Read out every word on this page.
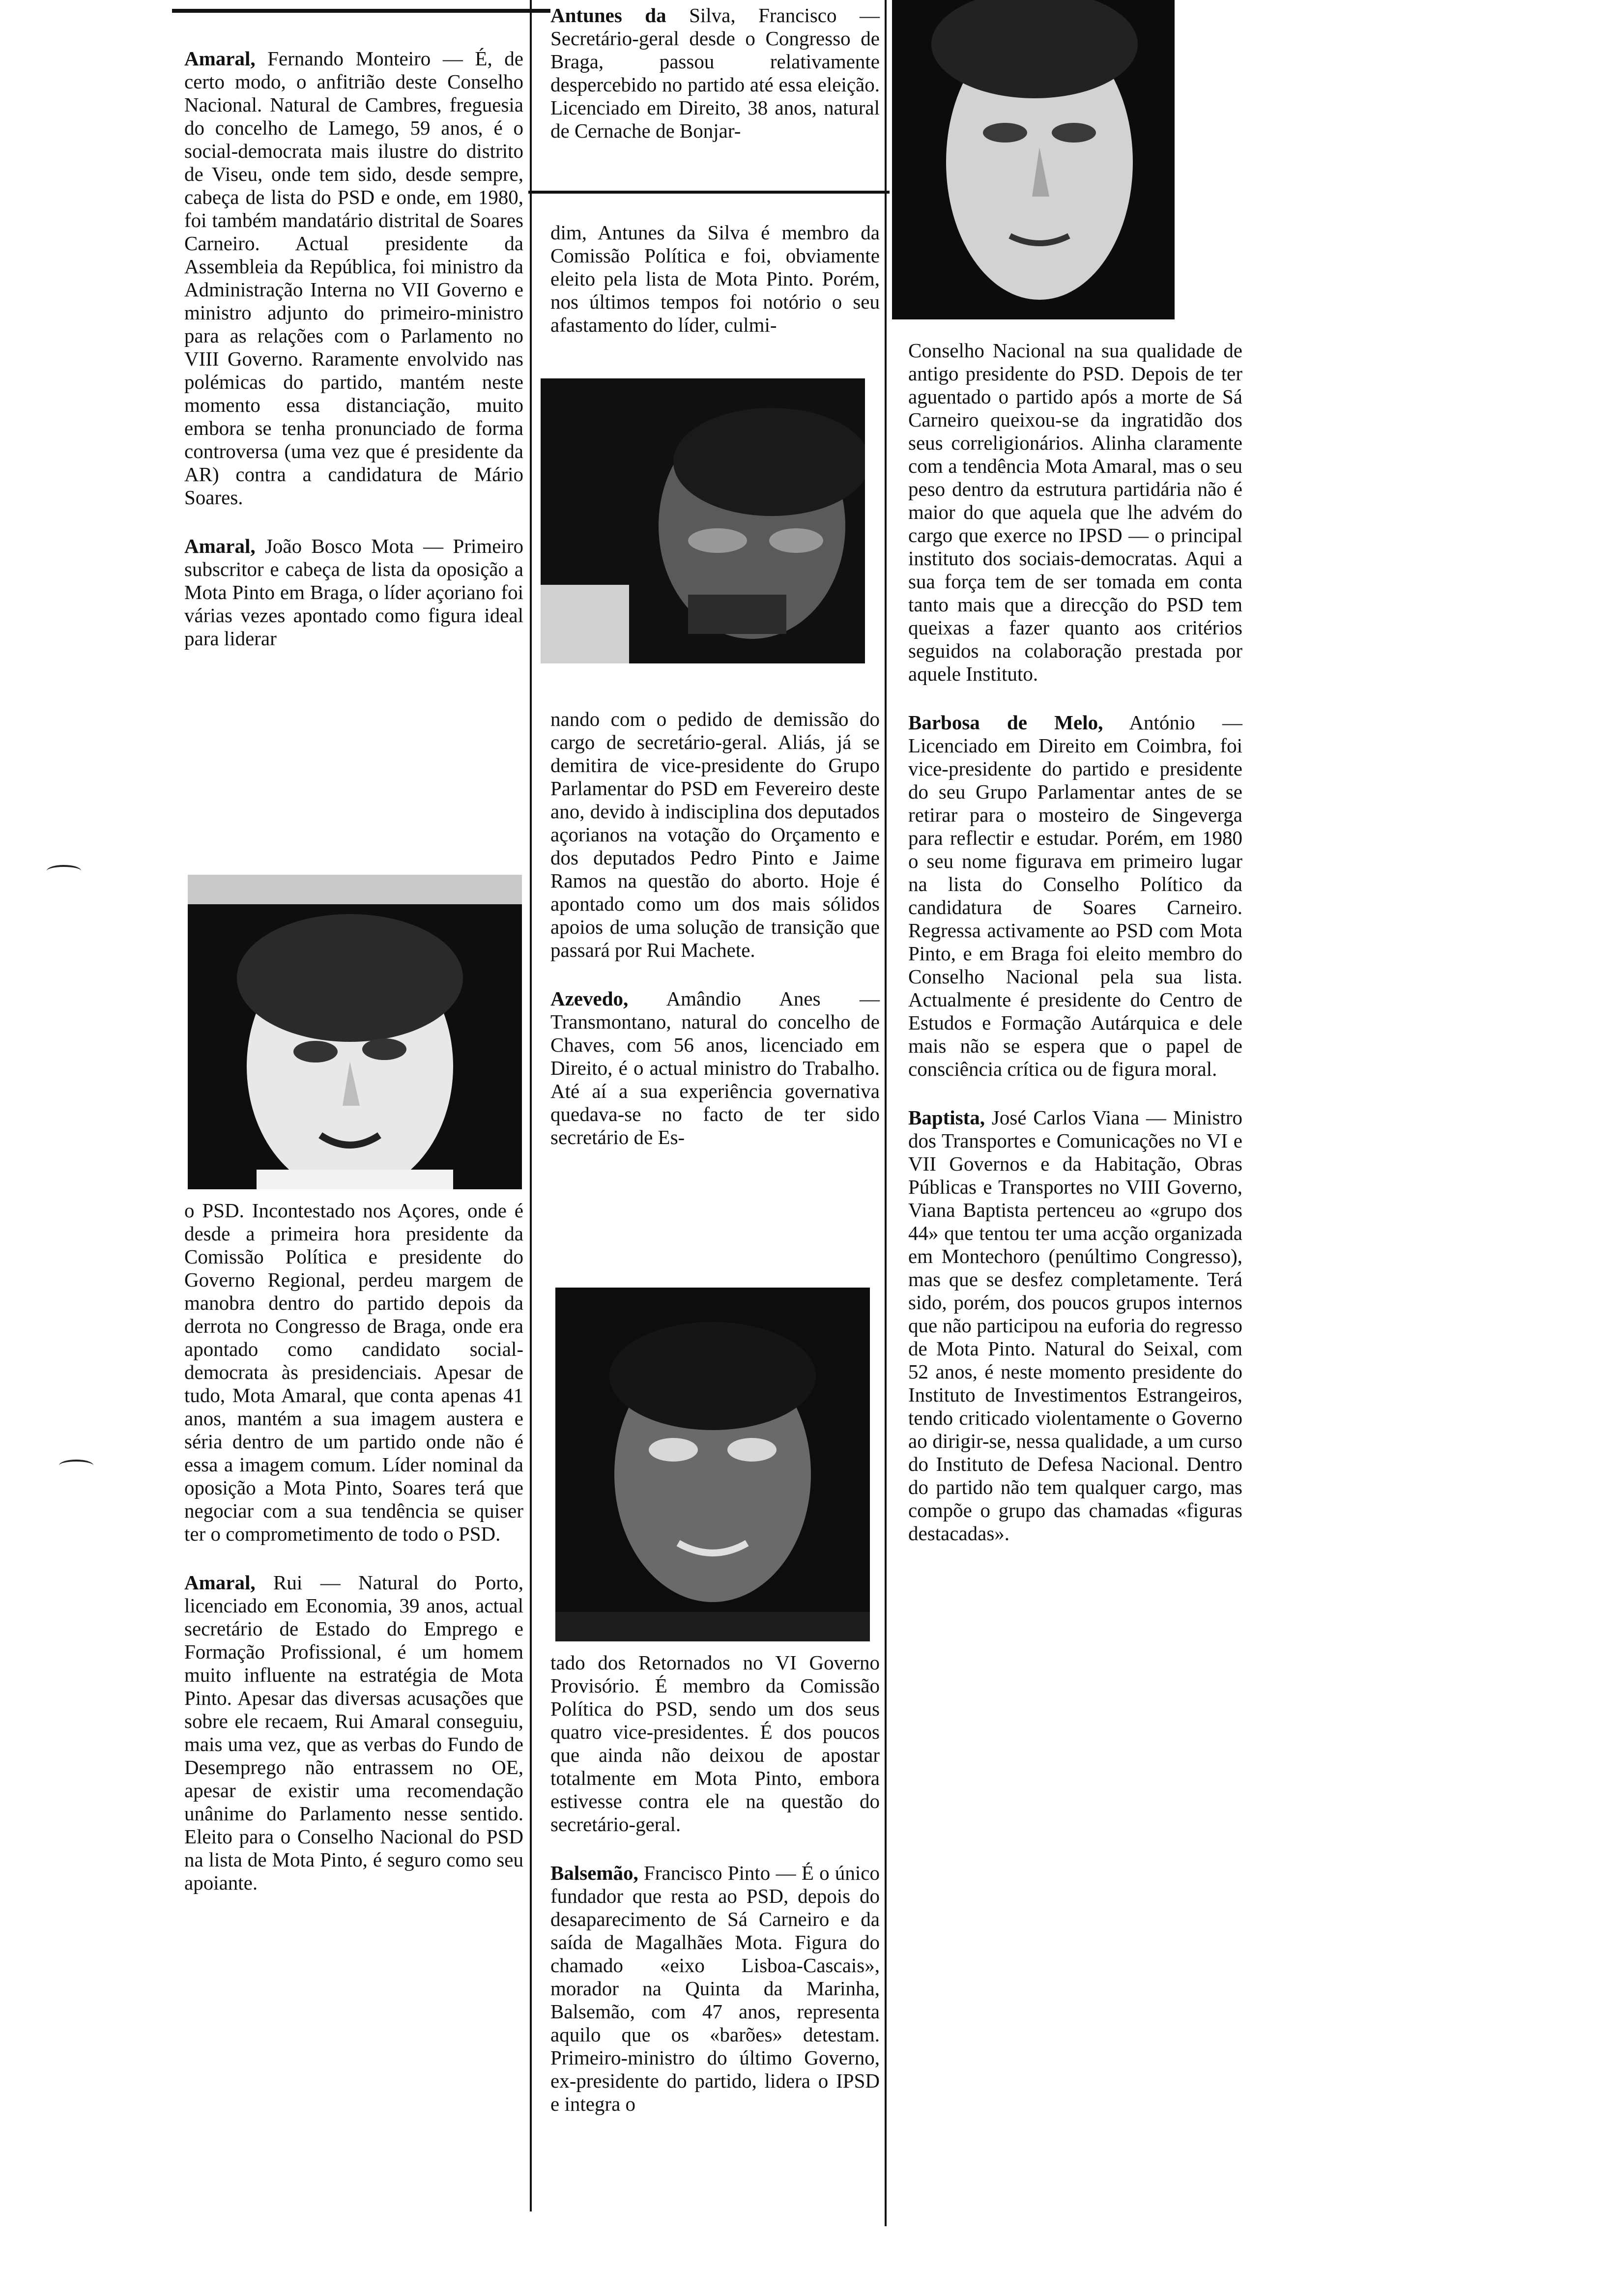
Amaral, Fernando Monteiro — É, de certo modo, o anfitrião deste Conselho Nacional. Natural de Cambres, freguesia do concelho de Lamego, 59 anos, é o social-democrata mais ilustre do distrito de Viseu, onde tem sido, desde sempre, cabeça de lista do PSD e onde, em 1980, foi também mandatário distrital de Soares Carneiro. Actual presidente da Assembleia da República, foi ministro da Administração Interna no VII Governo e ministro adjunto do primeiro-ministro para as relações com o Parlamento no VIII Governo. Raramente envolvido nas polémicas do partido, mantém neste momento essa distanciação, muito embora se tenha pronunciado de forma controversa (uma vez que é presidente da AR) contra a candidatura de Mário Soares.

Amaral, João Bosco Mota — Primeiro subscritor e cabeça de lista da oposição a Mota Pinto em Braga, o líder açoriano foi várias vezes apontado como figura ideal para liderar

o PSD. Incontestado nos Açores, onde é desde a primeira hora presidente da Comissão Política e presidente do Governo Regional, perdeu margem de manobra dentro do partido depois da derrota no Congresso de Braga, onde era apontado como candidato social-democrata às presidenciais. Apesar de tudo, Mota Amaral, que conta apenas 41 anos, mantém a sua imagem austera e séria dentro de um partido onde não é essa a imagem comum. Líder nominal da oposição a Mota Pinto, Soares terá que negociar com a sua tendência se quiser ter o comprometimento de todo o PSD.

Amaral, Rui — Natural do Porto, licenciado em Economia, 39 anos, actual secretário de Estado do Emprego e Formação Profissional, é um homem muito influente na estratégia de Mota Pinto. Apesar das diversas acusações que sobre ele recaem, Rui Amaral conseguiu, mais uma vez, que as verbas do Fundo de Desemprego não entrassem no OE, apesar de existir uma recomendação unânime do Parlamento nesse sentido. Eleito para o Conselho Nacional do PSD na lista de Mota Pinto, é seguro como seu apoiante.

Antunes da Silva, Francisco — Secretário-geral desde o Congresso de Braga, passou relativamente despercebido no partido até essa eleição. Licenciado em Direito, 38 anos, natural de Cernache de Bonjar-

dim, Antunes da Silva é membro da Comissão Política e foi, obviamente eleito pela lista de Mota Pinto. Porém, nos últimos tempos foi notório o seu afastamento do líder, culmi-

nando com o pedido de demissão do cargo de secretário-geral. Aliás, já se demitira de vice-presidente do Grupo Parlamentar do PSD em Fevereiro deste ano, devido à indisciplina dos deputados açorianos na votação do Orçamento e dos deputados Pedro Pinto e Jaime Ramos na questão do aborto. Hoje é apontado como um dos mais sólidos apoios de uma solução de transição que passará por Rui Machete.

Azevedo, Amândio Anes — Transmontano, natural do concelho de Chaves, com 56 anos, licenciado em Direito, é o actual ministro do Trabalho. Até aí a sua experiência governativa quedava-se no facto de ter sido secretário de Es-

tado dos Retornados no VI Governo Provisório. É membro da Comissão Política do PSD, sendo um dos seus quatro vice-presidentes. É dos poucos que ainda não deixou de apostar totalmente em Mota Pinto, embora estivesse contra ele na questão do secretário-geral.

Balsemão, Francisco Pinto — É o único fundador que resta ao PSD, depois do desaparecimento de Sá Carneiro e da saída de Magalhães Mota. Figura do chamado «eixo Lisboa-Cascais», morador na Quinta da Marinha, Balsemão, com 47 anos, representa aquilo que os «barões» detestam. Primeiro-ministro do último Governo, ex-presidente do partido, lidera o IPSD e integra o

Conselho Nacional na sua qualidade de antigo presidente do PSD. Depois de ter aguentado o partido após a morte de Sá Carneiro queixou-se da ingratidão dos seus correligionários. Alinha claramente com a tendência Mota Amaral, mas o seu peso dentro da estrutura partidária não é maior do que aquela que lhe advém do cargo que exerce no IPSD — o principal instituto dos sociais-democratas. Aqui a sua força tem de ser tomada em conta tanto mais que a direcção do PSD tem queixas a fazer quanto aos critérios seguidos na colaboração prestada por aquele Instituto.

Barbosa de Melo, António — Licenciado em Direito em Coimbra, foi vice-presidente do partido e presidente do seu Grupo Parlamentar antes de se retirar para o mosteiro de Singeverga para reflectir e estudar. Porém, em 1980 o seu nome figurava em primeiro lugar na lista do Conselho Político da candidatura de Soares Carneiro. Regressa activamente ao PSD com Mota Pinto, e em Braga foi eleito membro do Conselho Nacional pela sua lista. Actualmente é presidente do Centro de Estudos e Formação Autárquica e dele mais não se espera que o papel de consciência crítica ou de figura moral.

Baptista, José Carlos Viana — Ministro dos Transportes e Comunicações no VI e VII Governos e da Habitação, Obras Públicas e Transportes no VIII Governo, Viana Baptista pertenceu ao «grupo dos 44» que tentou ter uma acção organizada em Montechoro (penúltimo Congresso), mas que se desfez completamente. Terá sido, porém, dos poucos grupos internos que não participou na euforia do regresso de Mota Pinto. Natural do Seixal, com 52 anos, é neste momento presidente do Instituto de Investimentos Estrangeiros, tendo criticado violentamente o Governo ao dirigir-se, nessa qualidade, a um curso do Instituto de Defesa Nacional. Dentro do partido não tem qualquer cargo, mas compõe o grupo das chamadas «figuras destacadas».
